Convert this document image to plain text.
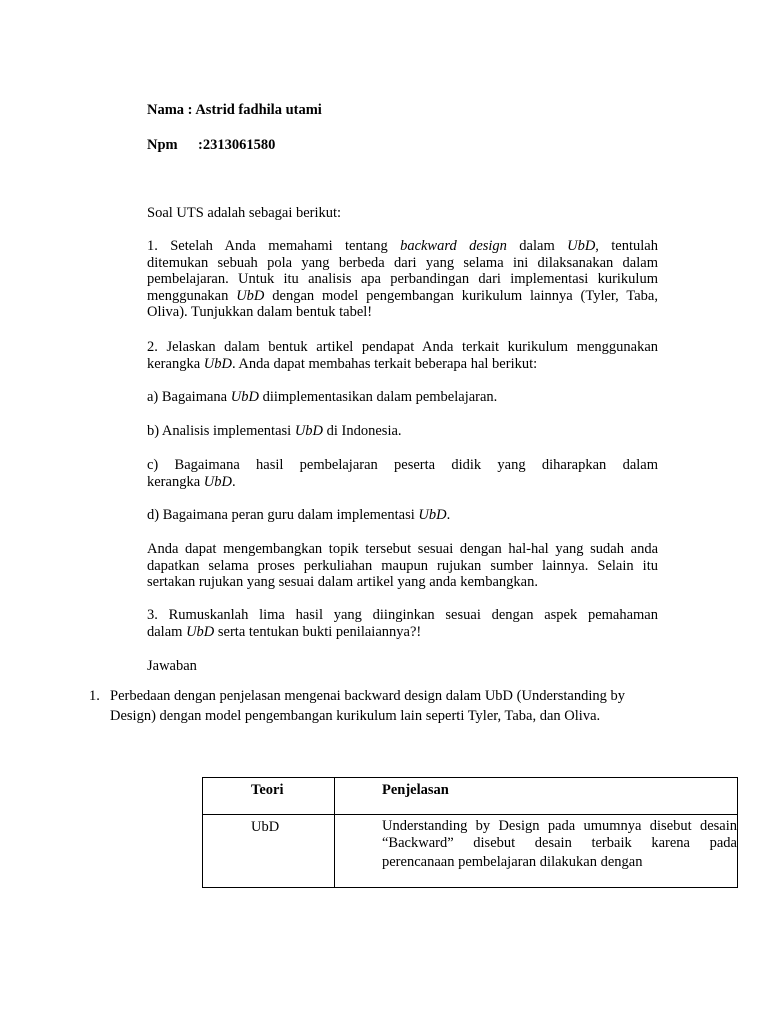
Nama : Astrid fadhila utami
Npm :2313061580
Soal UTS adalah sebagai berikut:
1. Setelah Anda memahami tentang backward design dalam UbD, tentulah
ditemukan sebuah pola yang berbeda dari yang selama ini dilaksanakan dalam
pembelajaran. Untuk itu analisis apa perbandingan dari implementasi kurikulum
menggunakan UbD dengan model pengembangan kurikulum lainnya (Tyler, Taba,
Oliva). Tunjukkan dalam bentuk tabel!
2. Jelaskan dalam bentuk artikel pendapat Anda terkait kurikulum menggunakan
kerangka UbD. Anda dapat membahas terkait beberapa hal berikut:
a) Bagaimana UbD diimplementasikan dalam pembelajaran.
b) Analisis implementasi UbD di Indonesia.
c) Bagaimana hasil pembelajaran peserta didik yang diharapkan dalam
kerangka UbD.
d) Bagaimana peran guru dalam implementasi UbD.
Anda dapat mengembangkan topik tersebut sesuai dengan hal-hal yang sudah anda
dapatkan selama proses perkuliahan maupun rujukan sumber lainnya. Selain itu
sertakan rujukan yang sesuai dalam artikel yang anda kembangkan.
3. Rumuskanlah lima hasil yang diinginkan sesuai dengan aspek pemahaman
dalam UbD serta tentukan bukti penilaiannya?!
Jawaban
1. Perbedaan dengan penjelasan mengenai backward design dalam UbD (Understanding by
Design) dengan model pengembangan kurikulum lain seperti Tyler, Taba, dan Oliva.
Teori	Penjelasan
UbD	Understanding by Design pada umumnya disebut desain
“Backward” disebut desain terbaik karena pada
perencanaan pembelajaran dilakukan dengan
